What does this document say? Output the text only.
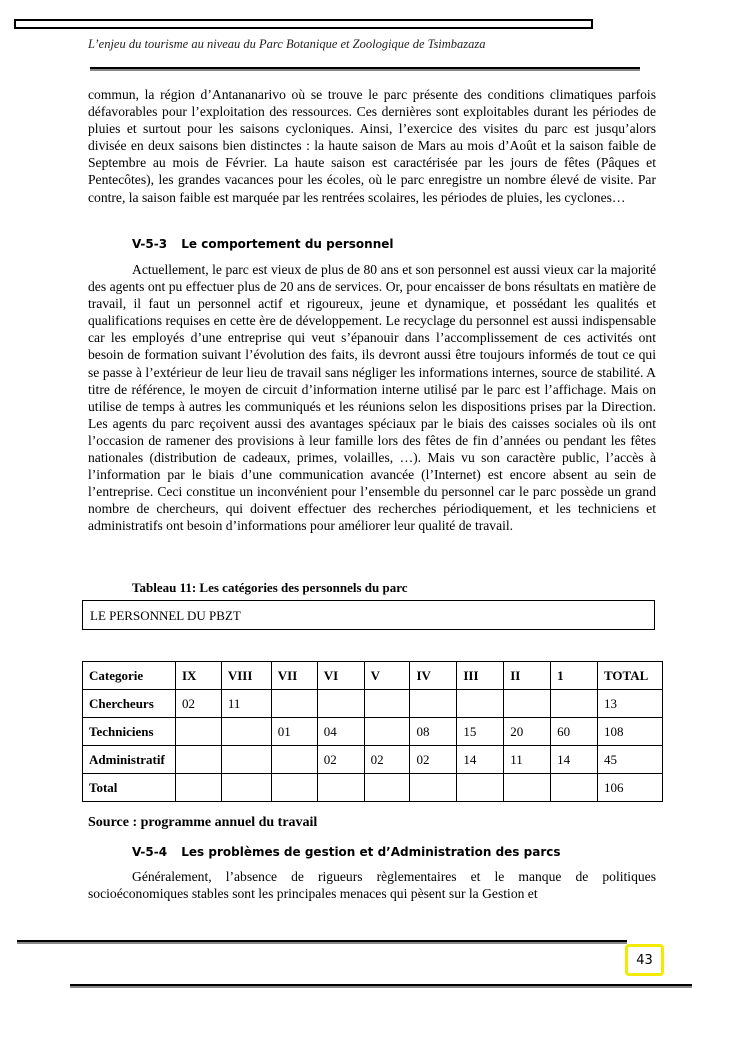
L’enjeu du tourisme au niveau du Parc Botanique et Zoologique de Tsimbazaza

commun, la région d’Antananarivo où se trouve le parc présente des conditions climatiques parfois défavorables pour l’exploitation des ressources. Ces dernières sont exploitables durant les périodes de pluies et surtout pour les saisons cycloniques. Ainsi, l’exercice des visites du parc est jusqu’alors divisée en deux saisons bien distinctes : la haute saison de Mars au mois d’Août et la saison faible de Septembre au mois de Février. La haute saison est caractérisée par les jours de fêtes (Pâques et Pentecôtes), les grandes vacances pour les écoles, où le parc enregistre un nombre élevé de visite. Par contre, la saison faible est marquée par les rentrées scolaires, les périodes de pluies, les cyclones…

V-5-3 Le comportement du personnel

Actuellement, le parc est vieux de plus de 80 ans et son personnel est aussi vieux car la majorité des agents ont pu effectuer plus de 20 ans de services. Or, pour encaisser de bons résultats en matière de travail, il faut un personnel actif et rigoureux, jeune et dynamique, et possédant les qualités et qualifications requises en cette ère de développement. Le recyclage du personnel est aussi indispensable car les employés d’une entreprise qui veut s’épanouir dans l’accomplissement de ces activités ont besoin de formation suivant l’évolution des faits, ils devront aussi être toujours informés de tout ce qui se passe à l’extérieur de leur lieu de travail sans négliger les informations internes, source de stabilité. A titre de référence, le moyen de circuit d’information interne utilisé par le parc est l’affichage. Mais on utilise de temps à autres les communiqués et les réunions selon les dispositions prises par la Direction. Les agents du parc reçoivent aussi des avantages spéciaux par le biais des caisses sociales où ils ont l’occasion de ramener des provisions à leur famille lors des fêtes de fin d’années ou pendant les fêtes nationales (distribution de cadeaux, primes, volailles, …). Mais vu son caractère public, l’accès à l’information par le biais d’une communication avancée (l’Internet) est encore absent au sein de l’entreprise. Ceci constitue un inconvénient pour l’ensemble du personnel car le parc possède un grand nombre de chercheurs, qui doivent effectuer des recherches périodiquement, et les techniciens et administratifs ont besoin d’informations pour améliorer leur qualité de travail.

Tableau 11: Les catégories des personnels du parc
LE PERSONNEL DU PBZT
Categorie	IX	VIII	VII	VI	V	IV	III	II	1	TOTAL
Chercheurs	02	11								13
Techniciens			01	04		08	15	20	60	108
Administratif				02	02	02	14	11	14	45
Total										106
Source : programme annuel du travail
V-5-4 Les problèmes de gestion et d’Administration des parcs

Généralement, l’absence de rigueurs règlementaires et le manque de politiques socioéconomiques stables sont les principales menaces qui pèsent sur la Gestion et

43
